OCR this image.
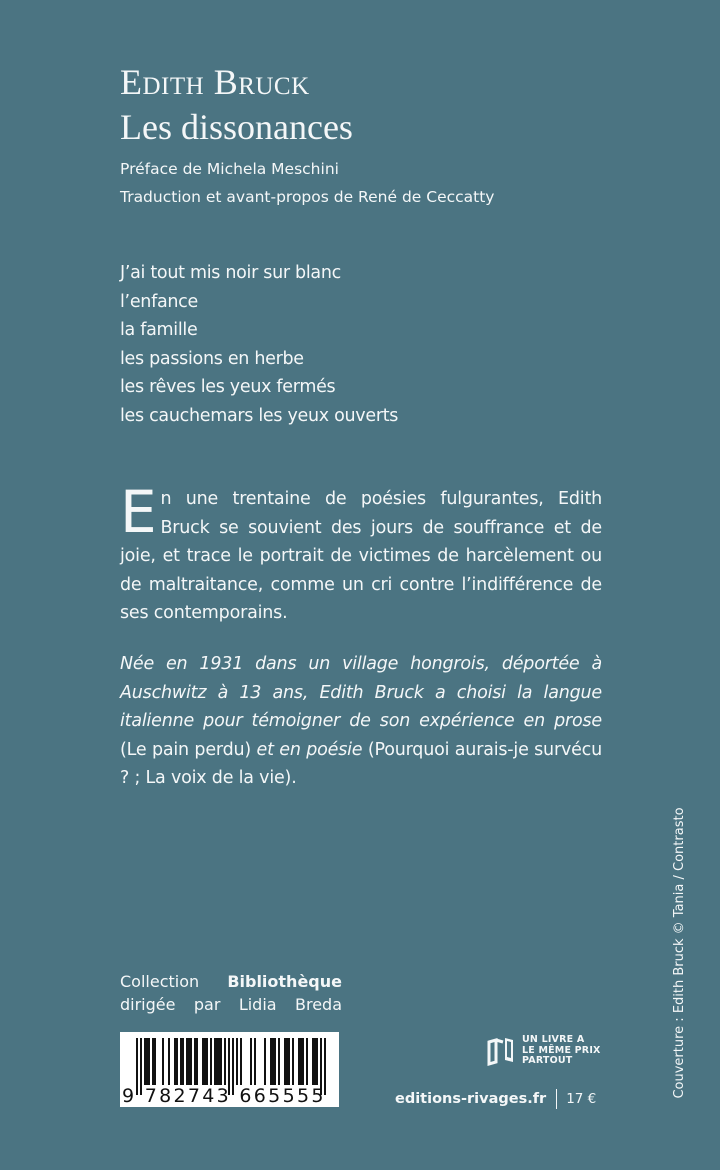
Edith Bruck
Les dissonances
Préface de Michela Meschini
Traduction et avant-propos de René de Ceccatty
J’ai tout mis noir sur blanc
l’enfance
la famille
les passions en herbe
les rêves les yeux fermés
les cauchemars les yeux ouverts
E n une trentaine de poésies fulgurantes, Edith Bruck se souvient des jours de souffrance et de joie, et trace le portrait de victimes de harcèlement ou de maltraitance, comme un cri contre l’indifférence de ses contemporains.
Née en 1931 dans un village hongrois, déportée à Auschwitz à 13 ans, Edith Bruck a choisi la langue italienne pour témoigner de son expérience en prose (Le pain perdu) et en poésie (Pourquoi aurais-je survécu ? ; La voix de la vie).
Collection Bibliothèque
dirigée par Lidia Breda
9 782743 665555
UN LIVRE A
LE MÊME PRIX
PARTOUT
editions-rivages.fr 17 €
Couverture : Edith Bruck © Tania / Contrasto
